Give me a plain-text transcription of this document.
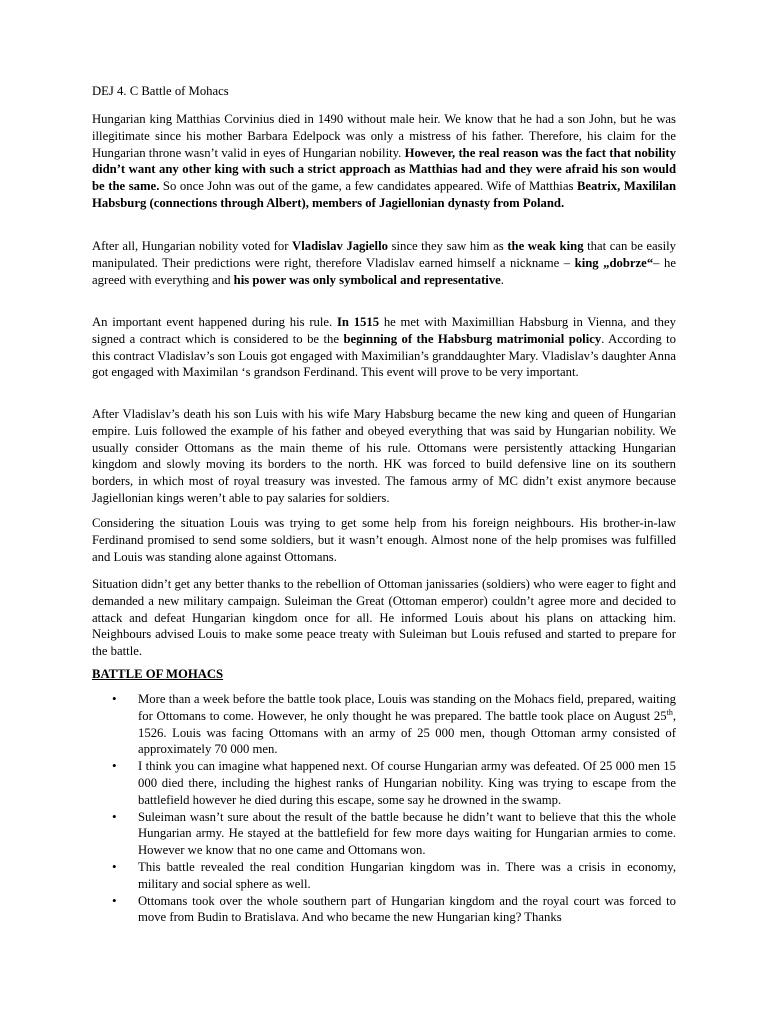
DEJ 4. C Battle of Mohacs

Hungarian king Matthias Corvinius died in 1490 without male heir. We know that he had a son John, but he was illegitimate since his mother Barbara Edelpock was only a mistress of his father. Therefore, his claim for the Hungarian throne wasn’t valid in eyes of Hungarian nobility. However, the real reason was the fact that nobility didn’t want any other king with such a strict approach as Matthias had and they were afraid his son would be the same. So once John was out of the game, a few candidates appeared. Wife of Matthias Beatrix, Maxililan Habsburg (connections through Albert), members of Jagiellonian dynasty from Poland.

After all, Hungarian nobility voted for Vladislav Jagiello since they saw him as the weak king that can be easily manipulated. Their predictions were right, therefore Vladislav earned himself a nickname – king „dobrze“– he agreed with everything and his power was only symbolical and representative.

An important event happened during his rule. In 1515 he met with Maximillian Habsburg in Vienna, and they signed a contract which is considered to be the beginning of the Habsburg matrimonial policy. According to this contract Vladislav’s son Louis got engaged with Maximilian’s granddaughter Mary. Vladislav’s daughter Anna got engaged with Maximilan ‘s grandson Ferdinand. This event will prove to be very important.

After Vladislav’s death his son Luis with his wife Mary Habsburg became the new king and queen of Hungarian empire. Luis followed the example of his father and obeyed everything that was said by Hungarian nobility. We usually consider Ottomans as the main theme of his rule. Ottomans were persistently attacking Hungarian kingdom and slowly moving its borders to the north. HK was forced to build defensive line on its southern borders, in which most of royal treasury was invested. The famous army of MC didn’t exist anymore because Jagiellonian kings weren’t able to pay salaries for soldiers.

Considering the situation Louis was trying to get some help from his foreign neighbours. His brother-in-law Ferdinand promised to send some soldiers, but it wasn’t enough. Almost none of the help promises was fulfilled and Louis was standing alone against Ottomans.

Situation didn’t get any better thanks to the rebellion of Ottoman janissaries (soldiers) who were eager to fight and demanded a new military campaign. Suleiman the Great (Ottoman emperor) couldn’t agree more and decided to attack and defeat Hungarian kingdom once for all. He informed Louis about his plans on attacking him. Neighbours advised Louis to make some peace treaty with Suleiman but Louis refused and started to prepare for the battle.

BATTLE OF MOHACS
• More than a week before the battle took place, Louis was standing on the Mohacs field, prepared, waiting for Ottomans to come. However, he only thought he was prepared. The battle took place on August 25th, 1526. Louis was facing Ottomans with an army of 25 000 men, though Ottoman army consisted of approximately 70 000 men.
• I think you can imagine what happened next. Of course Hungarian army was defeated. Of 25 000 men 15 000 died there, including the highest ranks of Hungarian nobility. King was trying to escape from the battlefield however he died during this escape, some say he drowned in the swamp.
• Suleiman wasn’t sure about the result of the battle because he didn’t want to believe that this the whole Hungarian army. He stayed at the battlefield for few more days waiting for Hungarian armies to come. However we know that no one came and Ottomans won.
• This battle revealed the real condition Hungarian kingdom was in. There was a crisis in economy, military and social sphere as well.
• Ottomans took over the whole southern part of Hungarian kingdom and the royal court was forced to move from Budin to Bratislava. And who became the new Hungarian king? Thanks
